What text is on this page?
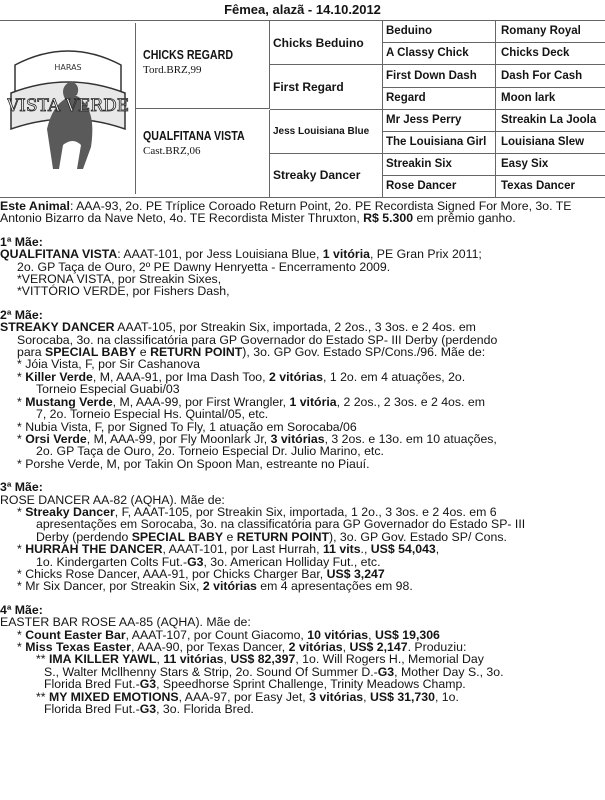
Fêmea, alazã - 14.10.2012
HARAS
VISTA VERDE
CHICKS REGARD
Tord.BRZ,99
QUALFITANA VISTA
Cast.BRZ,06
Chicks Beduino
First Regard
Jess Louisiana Blue
Streaky Dancer
Beduino
A Classy Chick
First Down Dash
Regard
Mr Jess Perry
The Louisiana Girl
Streakin Six
Rose Dancer
Romany Royal
Chicks Deck
Dash For Cash
Moon lark
Streakin La Joola
Louisiana Slew
Easy Six
Texas Dancer

Este Animal: AAA-93, 2o. PE Tríplice Coroado Return Point, 2o. PE Recordista Signed For More, 3o. TE Antonio Bizarro da Nave Neto, 4o. TE Recordista Mister Thruxton, R$ 5.300 em prêmio ganho.

1ª Mãe:

QUALFITANA VISTA: AAAT-101, por Jess Louisiana Blue, 1 vitória, PE Gran Prix 2011;

2o. GP Taça de Ouro, 2º PE Dawny Henryetta - Encerramento 2009.

*VERONA VISTA, por Streakin Sixes,

*VITTÓRIO VERDE, por Fishers Dash,

2ª Mãe:

STREAKY DANCER AAAT-105, por Streakin Six, importada, 2 2os., 3 3os. e 2 4os. em

Sorocaba, 3o. na classificatória para GP Governador do Estado SP- III Derby (perdendo

para SPECIAL BABY e RETURN POINT), 3o. GP Gov. Estado SP/Cons./96. Mãe de:

* Jóia Vista, F, por Sir Cashanova

* Killer Verde, M, AAA-91, por Ima Dash Too, 2 vitórias, 1 2o. em 4 atuações, 2o.

Torneio Especial Guabi/03

* Mustang Verde, M, AAA-99, por First Wrangler, 1 vitória, 2 2os., 2 3os. e 2 4os. em

7, 2o. Torneio Especial Hs. Quintal/05, etc.

* Nubia Vista, F, por Signed To Fly, 1 atuação em Sorocaba/06

* Orsi Verde, M, AAA-99, por Fly Moonlark Jr, 3 vitórias, 3 2os. e 13o. em 10 atuações,

2o. GP Taça de Ouro, 2o. Torneio Especial Dr. Julio Marino, etc.

* Porshe Verde, M, por Takin On Spoon Man, estreante no Piauí.

3ª Mãe:

ROSE DANCER AA-82 (AQHA). Mãe de:

* Streaky Dancer, F, AAAT-105, por Streakin Six, importada, 1 2o., 3 3os. e 2 4os. em 6

apresentações em Sorocaba, 3o. na classificatória para GP Governador do Estado SP- III

Derby (perdendo SPECIAL BABY e RETURN POINT), 3o. GP Gov. Estado SP/ Cons.

* HURRAH THE DANCER, AAAT-101, por Last Hurrah, 11 vits., US$ 54,043,

1o. Kindergarten Colts Fut.-G3, 3o. American Holliday Fut., etc.

* Chicks Rose Dancer, AAA-91, por Chicks Charger Bar, US$ 3,247

* Mr Six Dancer, por Streakin Six, 2 vitórias em 4 apresentações em 98.

4ª Mãe:

EASTER BAR ROSE AA-85 (AQHA). Mãe de:

* Count Easter Bar, AAAT-107, por Count Giacomo, 10 vitórias, US$ 19,306

* Miss Texas Easter, AAA-90, por Texas Dancer, 2 vitórias, US$ 2,147. Produziu:

** IMA KILLER YAWL, 11 vitórias, US$ 82,397, 1o. Will Rogers H., Memorial Day

S., Walter Mcllhenny Stars & Strip, 2o. Sound Of Summer D.-G3, Mother Day S., 3o.

Florida Bred Fut.-G3, Speedhorse Sprint Challenge, Trinity Meadows Champ.

** MY MIXED EMOTIONS, AAA-97, por Easy Jet, 3 vitórias, US$ 31,730, 1o.

Florida Bred Fut.-G3, 3o. Florida Bred.
